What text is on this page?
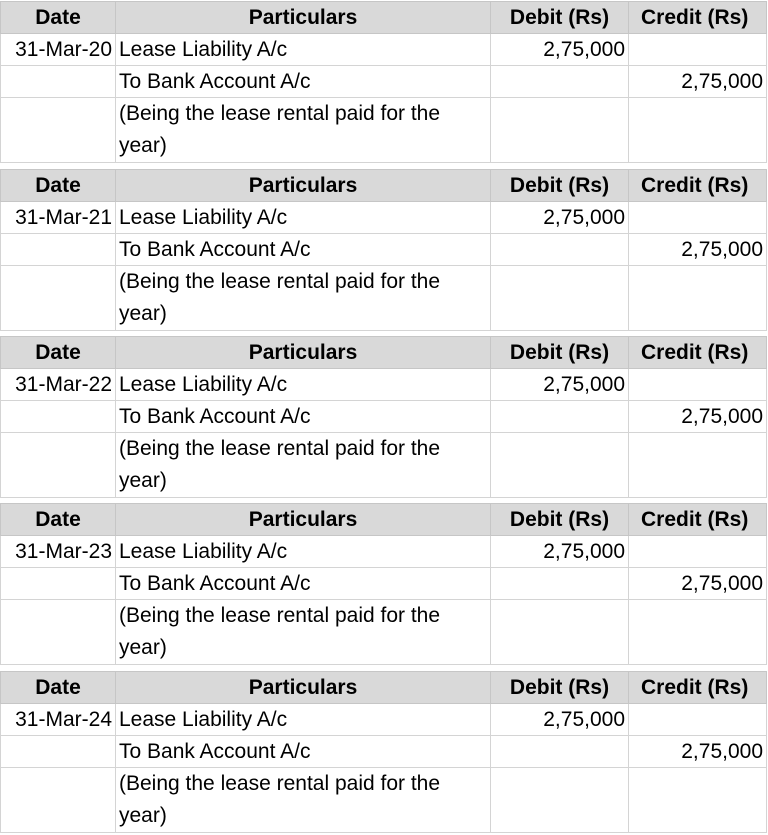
Date	Particulars	Debit (Rs)	Credit (Rs)
31-Mar-20	Lease Liability A/c	2,75,000	
	To Bank Account A/c		2,75,000
	(Being the lease rental paid for the year)		
Date	Particulars	Debit (Rs)	Credit (Rs)
31-Mar-21	Lease Liability A/c	2,75,000	
	To Bank Account A/c		2,75,000
	(Being the lease rental paid for the year)		
Date	Particulars	Debit (Rs)	Credit (Rs)
31-Mar-22	Lease Liability A/c	2,75,000	
	To Bank Account A/c		2,75,000
	(Being the lease rental paid for the year)		
Date	Particulars	Debit (Rs)	Credit (Rs)
31-Mar-23	Lease Liability A/c	2,75,000	
	To Bank Account A/c		2,75,000
	(Being the lease rental paid for the year)		
Date	Particulars	Debit (Rs)	Credit (Rs)
31-Mar-24	Lease Liability A/c	2,75,000	
	To Bank Account A/c		2,75,000
	(Being the lease rental paid for the year)		
